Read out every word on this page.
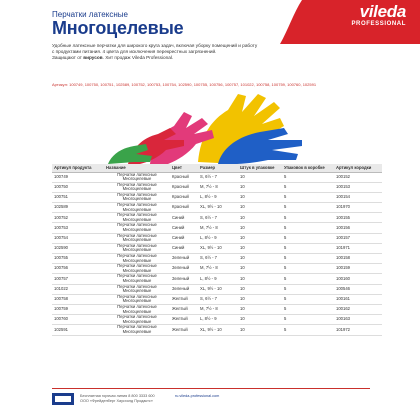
vileda
PROFESSIONAL
Перчатки латексные
Многоцелевые
Удобные латексные перчатки для широкого круга задач, включая уборку помещений и работу
с продуктами питания. 4 цвета для исключения перекрестных загрязнений.
Защищают от вирусов. Хит продаж Vileda Professional.
Артикул: 100749, 100750, 100751, 102589, 100752, 100753, 100754, 102590, 100755, 100756, 100757, 101022, 100758, 100759, 100760, 102591
Артикул продукта	Название	Цвет	Размер	Штук в упаковке	Упаковок в коробке	Артикул кородки
100749	Перчатки латексные Многоцелевые	Красный	S, 6½ - 7	10	5	100152
100750	Перчатки латексные Многоцелевые	Красный	M, 7½ - 8	10	5	100153
100751	Перчатки латексные Многоцелевые	Красный	L, 8½ - 9	10	5	100154
102589	Перчатки латексные Многоцелевые	Красный	XL, 9½ - 10	10	5	101970
100752	Перчатки латексные Многоцелевые	Синий	S, 6½ - 7	10	5	100155
100753	Перчатки латексные Многоцелевые	Синий	M, 7½ - 8	10	5	100156
100754	Перчатки латексные Многоцелевые	Синий	L, 8½ - 9	10	5	100157
102590	Перчатки латексные Многоцелевые	Синий	XL, 9½ - 10	10	5	101971
100755	Перчатки латексные Многоцелевые	Зеленый	S, 6½ - 7	10	5	100158
100756	Перчатки латексные Многоцелевые	Зеленый	M, 7½ - 8	10	5	100159
100757	Перчатки латексные Многоцелевые	Зеленый	L, 8½ - 9	10	5	100160
101022	Перчатки латексные Многоцелевые	Зеленый	XL, 9½ - 10	10	5	100546
100758	Перчатки латексные Многоцелевые	Желтый	S, 6½ - 7	10	5	100161
100759	Перчатки латексные Многоцелевые	Желтый	M, 7½ - 8	10	5	100162
100760	Перчатки латексные Многоцелевые	Желтый	L, 8½ - 9	10	5	100163
102591	Перчатки латексные Многоцелевые	Желтый	XL, 9½ - 10	10	5	101972
Бесплатная горячая линия 8 800 3333 600
ООО «Фрейденберг Хаусхолд Продактс»
ru.vileda-professional.com
